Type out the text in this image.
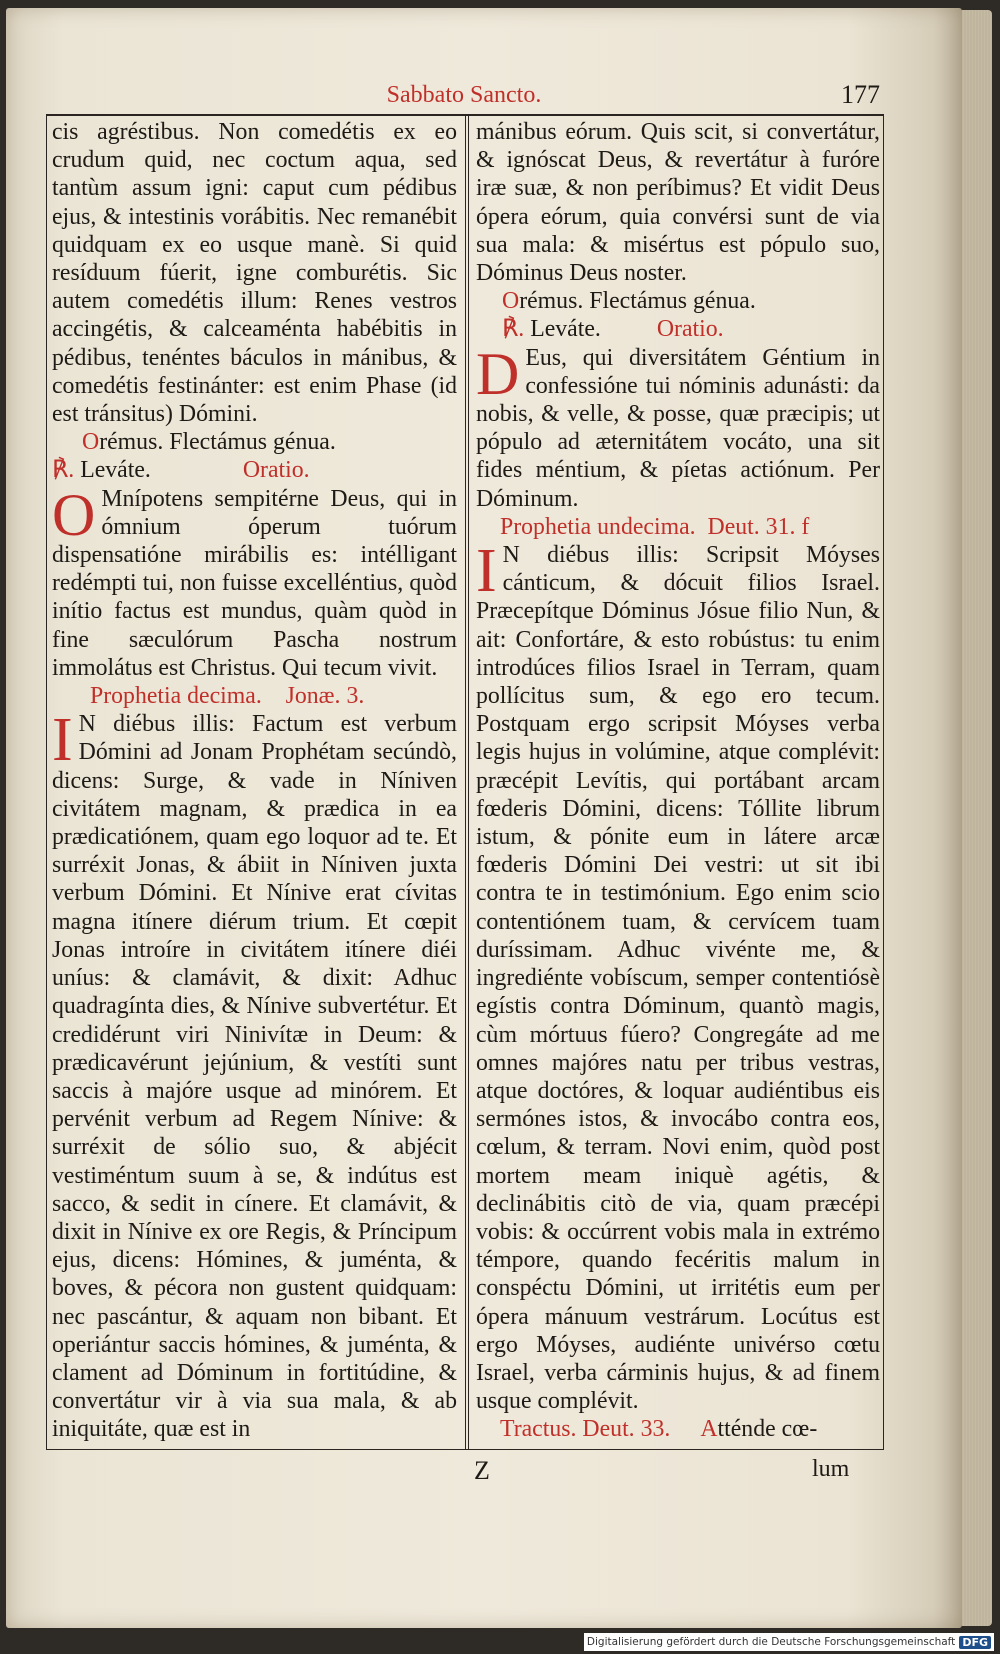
Sabbato Sancto.	177

cis agréstibus. Non comedétis ex eo crudum quid, nec coctum aqua, sed tantùm assum igni: caput cum pédibus ejus, & intestinis vorábitis. Nec remanébit quidquam ex eo usque manè. Si quid resíduum fúerit, igne comburétis. Sic autem comedétis illum: Renes vestros accingétis, & calceaménta habébitis in pédibus, tenéntes báculos in mánibus, & comedétis festinánter: est enim Phase (id est tránsitus) Dómini.

Orémus. Flectámus génua.

℟. Leváte.	Oratio.

O Mnípotens sempitérne Deus, qui in ómnium óperum tuórum dispensatióne mirábilis es: intélligant redémpti tui, non fuisse excelléntius, quòd inítio factus est mundus, quàm quòd in fine sæculórum Pascha nostrum immolátus est Christus. Qui tecum vivit.

Prophetia decima. Jonæ. 3.

I N diébus illis: Factum est verbum Dómini ad Jonam Prophétam secúndò, dicens: Surge, & vade in Níniven civitátem magnam, & prædica in ea prædicatiónem, quam ego loquor ad te. Et surréxit Jonas, & ábiit in Níniven juxta verbum Dómini. Et Nínive erat cívitas magna itínere diérum trium. Et cœpit Jonas introíre in civitátem itínere diéi uníus: & clamávit, & dixit: Adhuc quadragínta dies, & Nínive subvertétur. Et credidérunt viri Ninivítæ in Deum: & prædicavérunt jejúnium, & vestíti sunt saccis à majóre usque ad minórem. Et pervénit verbum ad Regem Nínive: & surréxit de sólio suo, & abjécit vestiméntum suum à se, & indútus est sacco, & sedit in cínere. Et clamávit, & dixit in Nínive ex ore Regis, & Príncipum ejus, dicens: Hómines, & juménta, & boves, & pécora non gustent quidquam: nec pascántur, & aquam non bibant. Et operiántur saccis hómines, & juménta, & clament ad Dóminum in fortitúdine, & convertátur vir à via sua mala, & ab iniquitáte, quæ est in

mánibus eórum. Quis scit, si convertátur, & ignóscat Deus, & revertátur à furóre iræ suæ, & non períbimus? Et vidit Deus ópera eórum, quia convérsi sunt de via sua mala: & misértus est pópulo suo, Dóminus Deus noster.

Orémus. Flectámus génua.

℟. Leváte. Oratio.

D Eus, qui diversitátem Géntium in confessióne tui nóminis adunásti: da nobis, & velle, & posse, quæ præcipis; ut pópulo ad æternitátem vocáto, una sit fides méntium, & píetas actiónum. Per Dóminum.

Prophetia undecima. Deut. 31. f

I N diébus illis: Scripsit Móyses cánticum, & dócuit filios Israel. Præcepítque Dóminus Jósue filio Nun, & ait: Confortáre, & esto robústus: tu enim introdúces filios Israel in Terram, quam pollícitus sum, & ego ero tecum. Postquam ergo scripsit Móyses verba legis hujus in volúmine, atque complévit: præcépit Levítis, qui portábant arcam fœderis Dómini, dicens: Tóllite librum istum, & pónite eum in látere arcæ fœderis Dómini Dei vestri: ut sit ibi contra te in testimónium. Ego enim scio contentiónem tuam, & cervícem tuam duríssimam. Adhuc vivénte me, & ingrediénte vobíscum, semper contentiósè egístis contra Dóminum, quantò magis, cùm mórtuus fúero? Congregáte ad me omnes majóres natu per tribus vestras, atque doctóres, & loquar audiéntibus eis sermónes istos, & invocábo contra eos, cœlum, & terram. Novi enim, quòd post mortem meam iniquè agétis, & declinábitis citò de via, quam præcépi vobis: & occúrrent vobis mala in extrémo témpore, quando fecéritis malum in conspéctu Dómini, ut irritétis eum per ópera mánuum vestrárum. Locútus est ergo Móyses, audiénte univérso cœtu Israel, verba cárminis hujus, & ad finem usque complévit.

Tractus. Deut. 33. Atténde cœ-

Z	lum
Digitalisierung gefördert durch die Deutsche Forschungsgemeinschaft DFG
